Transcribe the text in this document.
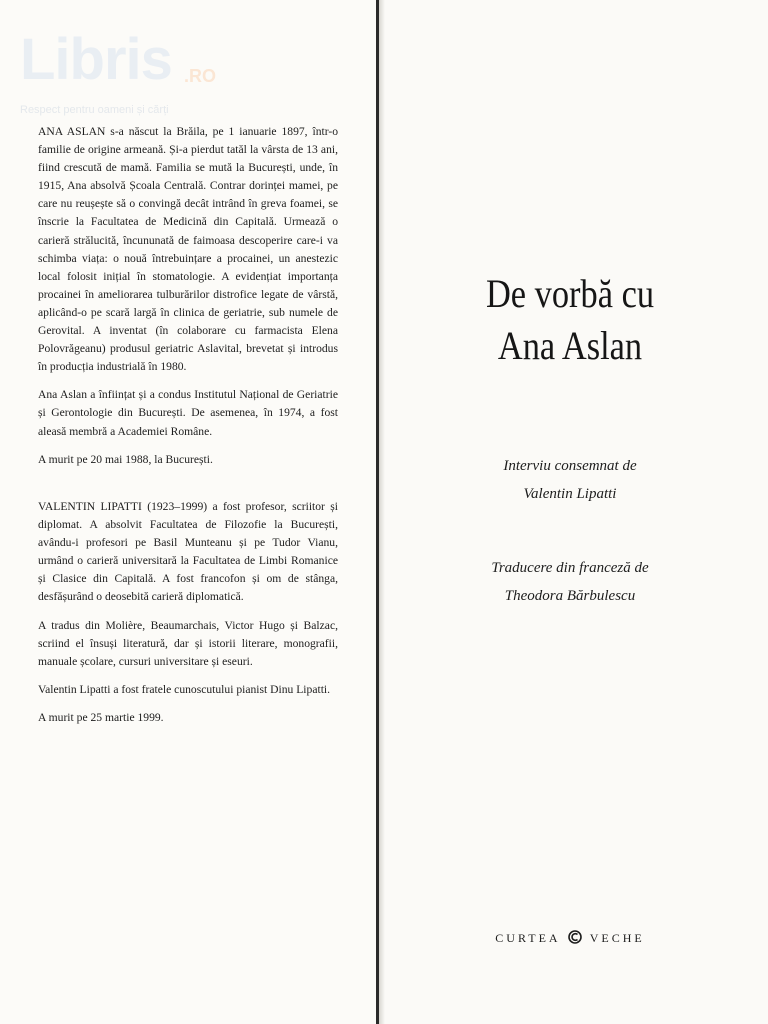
Libris .RO
Respect pentru oameni și cărți

ANA ASLAN s-a născut la Brăila, pe 1 ianuarie 1897, într-o familie de origine armeană. Și-a pierdut tatăl la vârsta de 13 ani, fiind crescută de mamă. Familia se mută la București, unde, în 1915, Ana absolvă Școala Centrală. Contrar dorinței mamei, pe care nu reușește să o convingă decât intrând în greva foamei, se înscrie la Facultatea de Medicină din Capitală. Urmează o carieră strălucită, încununată de faimoasa descoperire care-i va schimba viața: o nouă întrebuințare a procainei, un anestezic local folosit inițial în stomatologie. A evidențiat importanța procainei în ameliorarea tulburărilor distrofice legate de vârstă, aplicând-o pe scară largă în clinica de geriatrie, sub numele de Gerovital. A inventat (în colaborare cu farmacista Elena Polovrăgeanu) produsul geriatric Aslavital, brevetat și introdus în producția industrială în 1980.

Ana Aslan a înființat și a condus Institutul Național de Geriatrie și Gerontologie din București. De asemenea, în 1974, a fost aleasă membră a Academiei Române.

A murit pe 20 mai 1988, la București.

VALENTIN LIPATTI (1923–1999) a fost profesor, scriitor și diplomat. A absolvit Facultatea de Filozofie la București, avându-i profesori pe Basil Munteanu și pe Tudor Vianu, urmând o carieră universitară la Facultatea de Limbi Romanice și Clasice din Capitală. A fost francofon și om de stânga, desfășurând o deosebită carieră diplomatică.

A tradus din Molière, Beaumarchais, Victor Hugo și Balzac, scriind el însuși literatură, dar și istorii literare, monografii, manuale școlare, cursuri universitare și eseuri.

Valentin Lipatti a fost fratele cunoscutului pianist Dinu Lipatti.

A murit pe 25 martie 1999.

De vorbă cu
Ana Aslan
Interviu consemnat de
Valentin Lipatti
Traducere din franceză de
Theodora Bărbulescu
CURTEA VECHE
